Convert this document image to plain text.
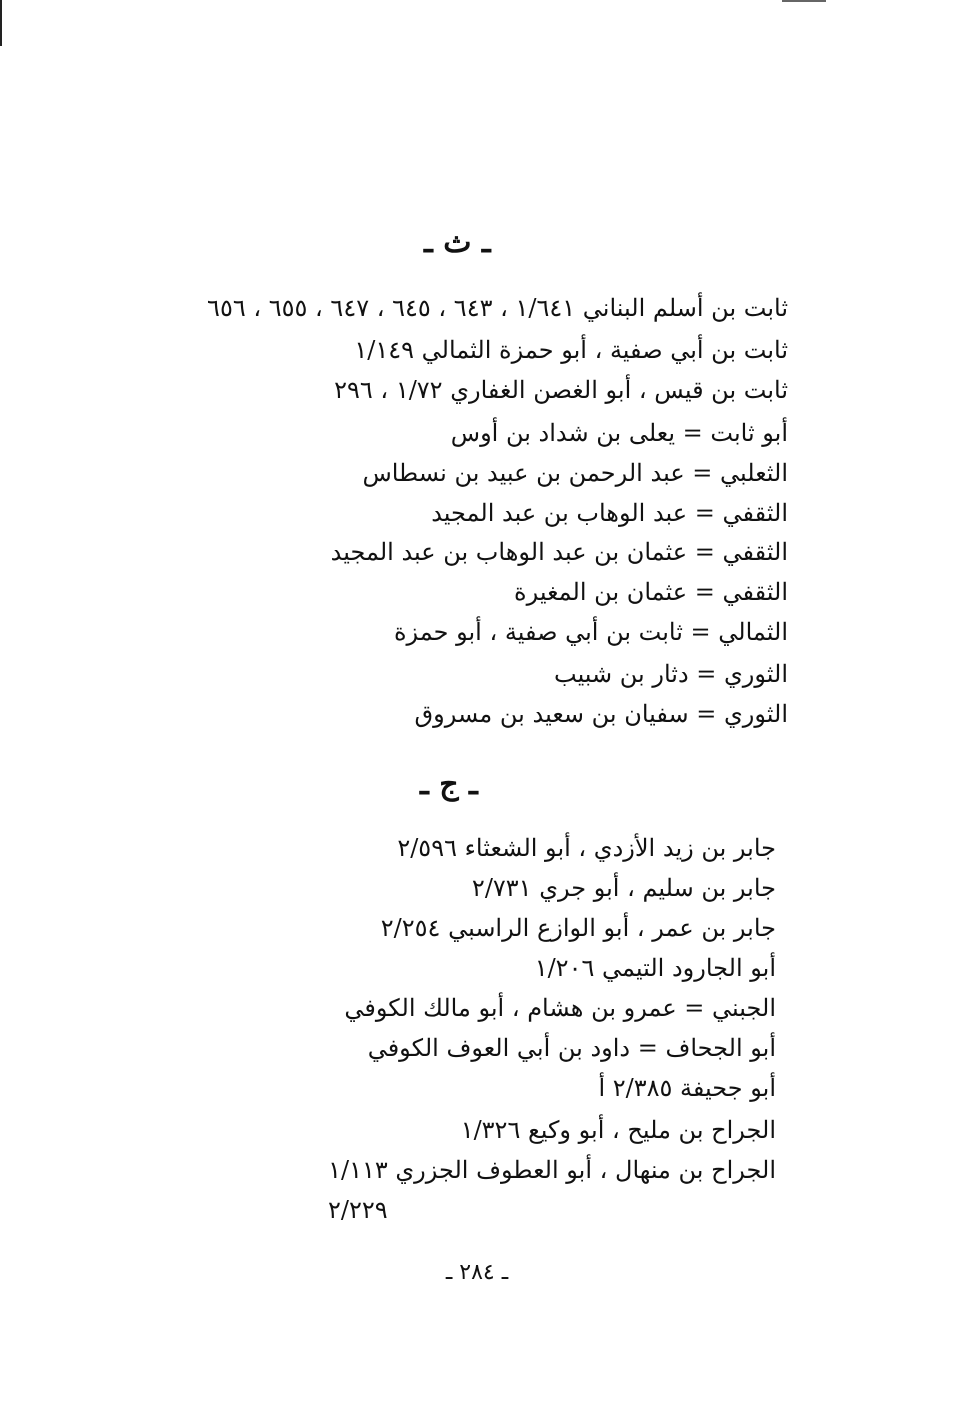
ـ ث ـ
ثابت بن أسلم البناني ١/٦٤١ ، ٦٤٣ ، ٦٤٥ ، ٦٤٧ ، ٦٥٥ ، ٦٥٦
ثابت بن أبي صفية ، أبو حمزة الثمالي ١/١٤٩
ثابت بن قيس ، أبو الغصن الغفاري ١/٧٢ ، ٢٩٦
أبو ثابت = يعلى بن شداد بن أوس
الثعلبي = عبد الرحمن بن عبيد بن نسطاس
الثقفي = عبد الوهاب بن عبد المجيد
الثقفي = عثمان بن عبد الوهاب بن عبد المجيد
الثقفي = عثمان بن المغيرة
الثمالي = ثابت بن أبي صفية ، أبو حمزة
الثوري = دثار بن شبيب
الثوري = سفيان بن سعيد بن مسروق
ـ ج ـ
جابر بن زيد الأزدي ، أبو الشعثاء ٢/٥٩٦
جابر بن سليم ، أبو جري ٢/٧٣١
جابر بن عمر ، أبو الوازع الراسبي ٢/٢٥٤
أبو الجارود التيمي ١/٢٠٦
الجبني = عمرو بن هشام ، أبو مالك الكوفي
أبو الجحاف = داود بن أبي العوف الكوفي
أبو جحيفة ٢/٣٨٥ أ
الجراح بن مليح ، أبو وكيع ١/٣٢٦
الجراح بن منهال ، أبو العطوف الجزري ١/١١٣
٢/٢٢٩
ـ ٢٨٤ ـ
